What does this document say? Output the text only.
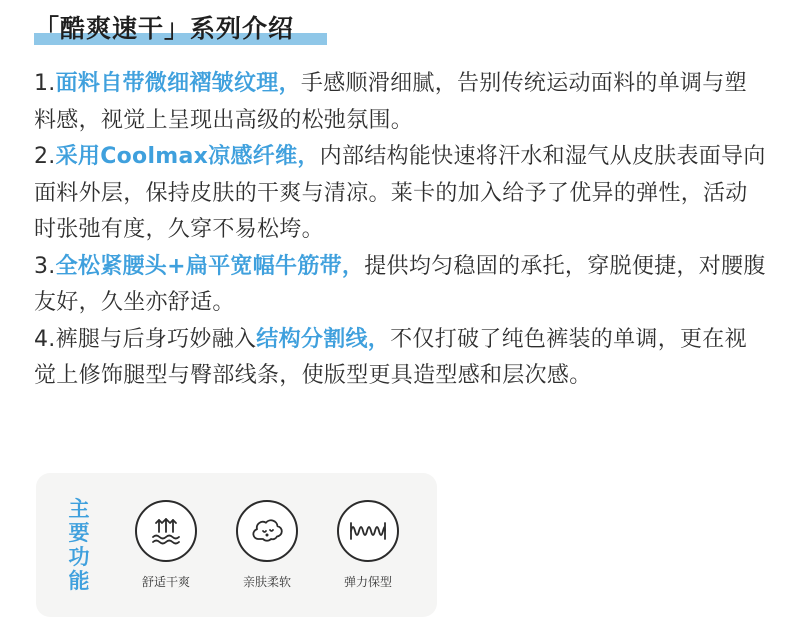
「酷爽速干」系列介绍

1.面料自带微细褶皱纹理，手感顺滑细腻，告别传统运动面料的单调与塑料感，视觉上呈现出高级的松弛氛围。

2.采用Coolmax凉感纤维，内部结构能快速将汗水和湿气从皮肤表面导向面料外层，保持皮肤的干爽与清凉。莱卡的加入给予了优异的弹性，活动时张弛有度，久穿不易松垮。

3.全松紧腰头+扁平宽幅牛筋带，提供均匀稳固的承托，穿脱便捷，对腰腹友好，久坐亦舒适。

4.裤腿与后身巧妙融入结构分割线，不仅打破了纯色裤装的单调，更在视觉上修饰腿型与臀部线条，使版型更具造型感和层次感。

主要功能	舒适干爽	亲肤柔软	弹力保型
